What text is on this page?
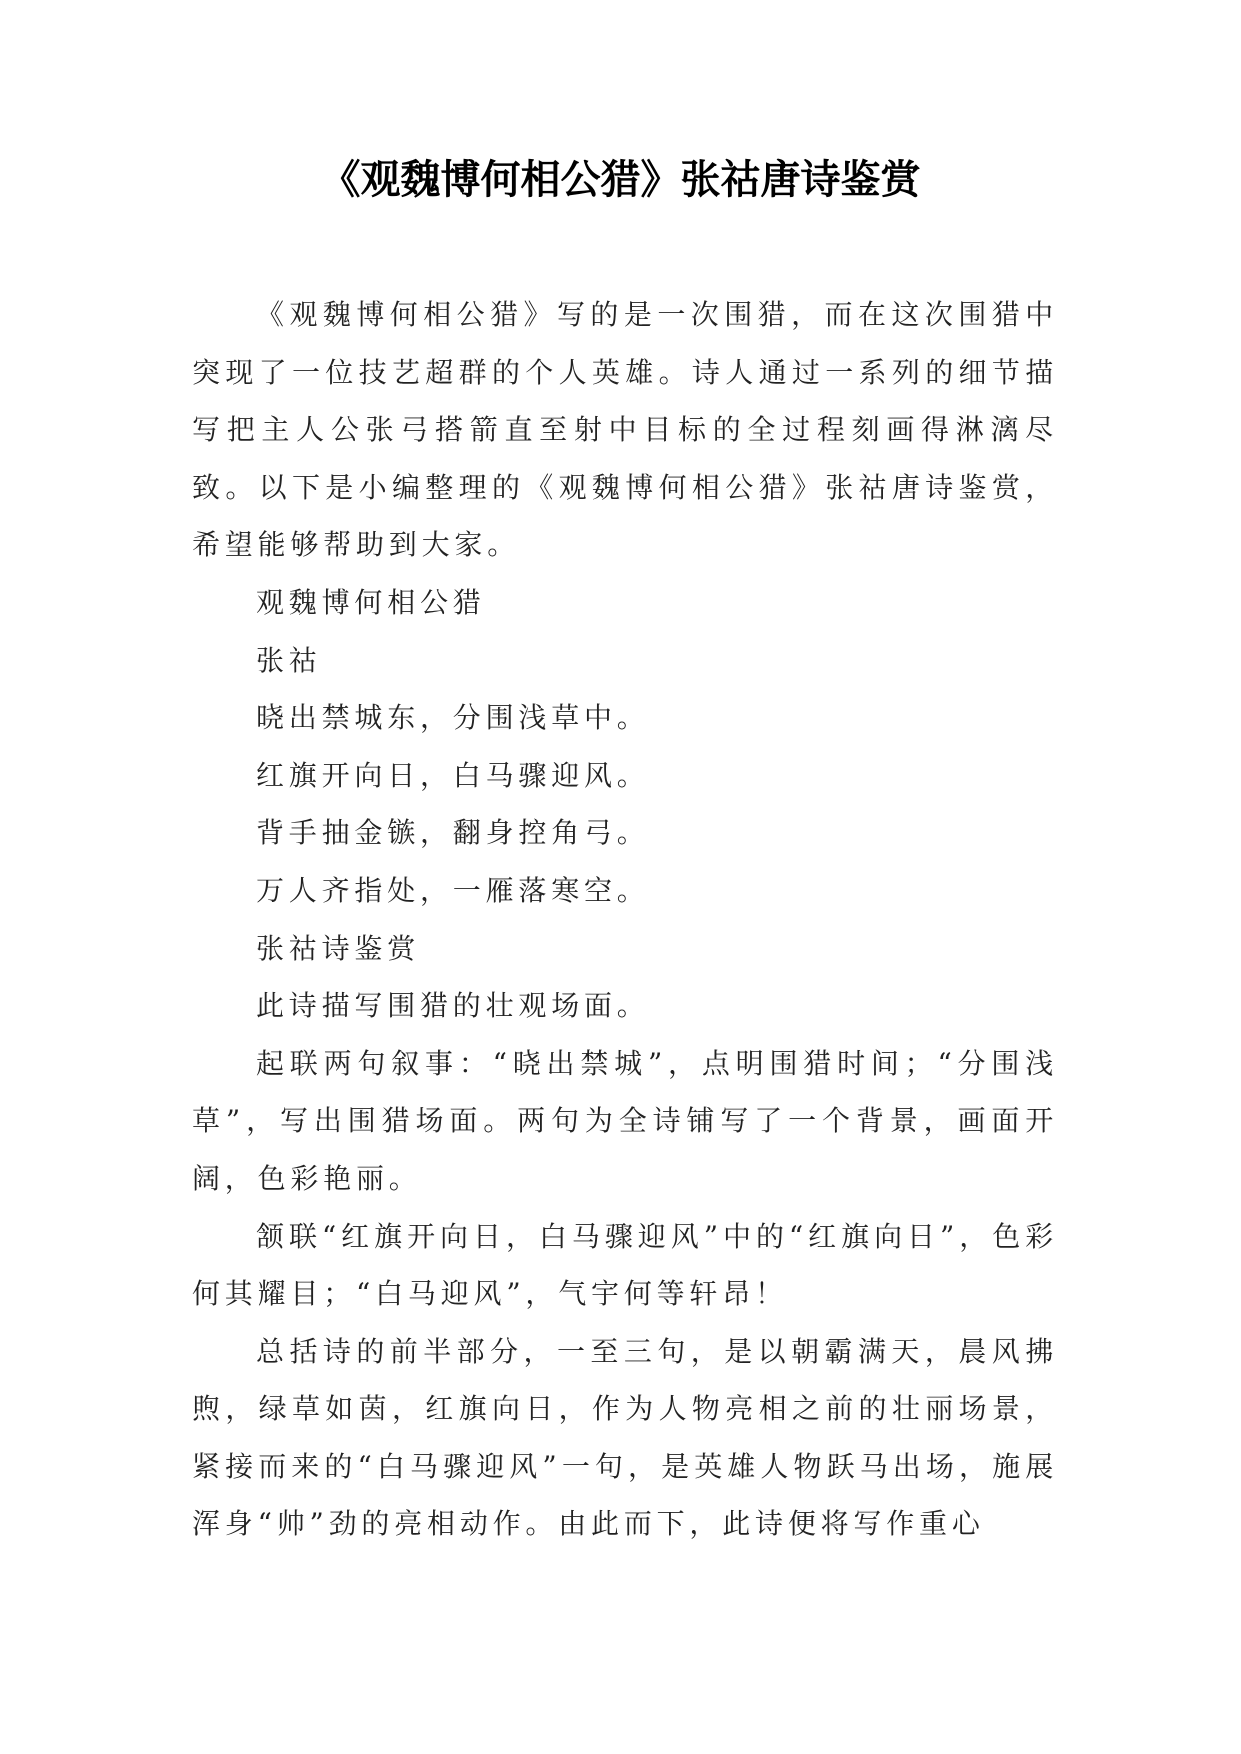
《观魏博何相公猎》张祜唐诗鉴赏

《观魏博何相公猎》写的是一次围猎，而在这次围猎中突现了一位技艺超群的个人英雄。诗人通过一系列的细节描写把主人公张弓搭箭直至射中目标的全过程刻画得淋漓尽致。以下是小编整理的《观魏博何相公猎》张祜唐诗鉴赏，希望能够帮助到大家。

观魏博何相公猎

张祜

晓出禁城东，分围浅草中。

红旗开向日，白马骤迎风。

背手抽金镞，翻身控角弓。

万人齐指处，一雁落寒空。

张祜诗鉴赏

此诗描写围猎的壮观场面。

起联两句叙事：“晓出禁城”，点明围猎时间；“分围浅草”，写出围猎场面。两句为全诗铺写了一个背景，画面开阔，色彩艳丽。

颔联“红旗开向日，白马骤迎风”中的“红旗向日”，色彩何其耀目；“白马迎风”，气宇何等轩昂！

总括诗的前半部分，一至三句，是以朝霸满天，晨风拂煦，绿草如茵，红旗向日，作为人物亮相之前的壮丽场景，紧接而来的“白马骤迎风”一句，是英雄人物跃马出场，施展浑身“帅”劲的亮相动作。由此而下，此诗便将写作重心
